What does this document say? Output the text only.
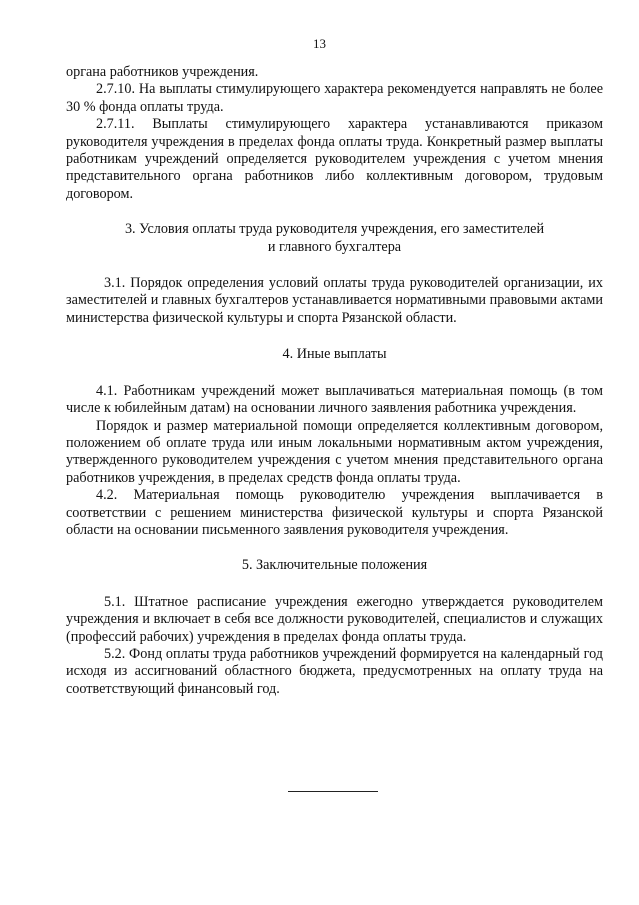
13

органа работников учреждения.

2.7.10. На выплаты стимулирующего характера рекомендуется направлять не более 30 % фонда оплаты труда.

2.7.11. Выплаты стимулирующего характера устанавливаются приказом руководителя учреждения в пределах фонда оплаты труда. Конкретный размер выплаты работникам учреждений определяется руководителем учреждения с учетом мнения представительного органа работников либо коллективным договором, трудовым договором.

3. Условия оплаты труда руководителя учреждения, его заместителей
и главного бухгалтера

3.1. Порядок определения условий оплаты труда руководителей организации, их заместителей и главных бухгалтеров устанавливается нормативными правовыми актами министерства физической культуры и спорта Рязанской области.

4. Иные выплаты

4.1. Работникам учреждений может выплачиваться материальная помощь (в том числе к юбилейным датам) на основании личного заявления работника учреждения.

Порядок и размер материальной помощи определяется коллективным договором, положением об оплате труда или иным локальными нормативным актом учреждения, утвержденного руководителем учреждения с учетом мнения представительного органа работников учреждения, в пределах средств фонда оплаты труда.

4.2. Материальная помощь руководителю учреждения выплачивается в соответствии с решением министерства физической культуры и спорта Рязанской области на основании письменного заявления руководителя учреждения.

5. Заключительные положения

5.1. Штатное расписание учреждения ежегодно утверждается руководителем учреждения и включает в себя все должности руководителей, специалистов и служащих (профессий рабочих) учреждения в пределах фонда оплаты труда.

5.2. Фонд оплаты труда работников учреждений формируется на календарный год исходя из ассигнований областного бюджета, предусмотренных на оплату труда на соответствующий финансовый год.
